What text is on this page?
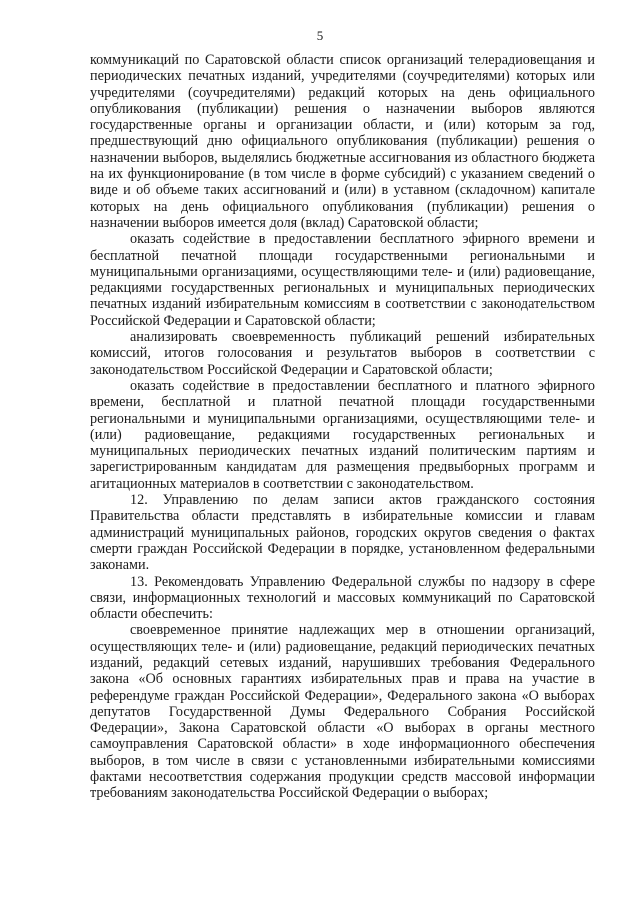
5

коммуникаций по Саратовской области список организаций телерадиовещания и периодических печатных изданий, учредителями (соучредителями) которых или учредителями (соучредителями) редакций которых на день официального опубликования (публикации) решения о назначении выборов являются государственные органы и организации области, и (или) которым за год, предшествующий дню официального опубликования (публикации) решения о назначении выборов, выделялись бюджетные ассигнования из областного бюджета на их функционирование (в том числе в форме субсидий) с указанием сведений о виде и об объеме таких ассигнований и (или) в уставном (складочном) капитале которых на день официального опубликования (публикации) решения о назначении выборов имеется доля (вклад) Саратовской области;

оказать содействие в предоставлении бесплатного эфирного времени и бесплатной печатной площади государственными региональными и муниципальными организациями, осуществляющими теле- и (или) радиовещание, редакциями государственных региональных и муниципальных периодических печатных изданий избирательным комиссиям в соответствии с законодательством Российской Федерации и Саратовской области;

анализировать своевременность публикаций решений избирательных комиссий, итогов голосования и результатов выборов в соответствии с законодательством Российской Федерации и Саратовской области;

оказать содействие в предоставлении бесплатного и платного эфирного времени, бесплатной и платной печатной площади государственными региональными и муниципальными организациями, осуществляющими теле- и (или) радиовещание, редакциями государственных региональных и муниципальных периодических печатных изданий политическим партиям и зарегистрированным кандидатам для размещения предвыборных программ и агитационных материалов в соответствии с законодательством.

12. Управлению по делам записи актов гражданского состояния Правительства области представлять в избирательные комиссии и главам администраций муниципальных районов, городских округов сведения о фактах смерти граждан Российской Федерации в порядке, установленном федеральными законами.

13. Рекомендовать Управлению Федеральной службы по надзору в сфере связи, информационных технологий и массовых коммуникаций по Саратовской области обеспечить:

своевременное принятие надлежащих мер в отношении организаций, осуществляющих теле- и (или) радиовещание, редакций периодических печатных изданий, редакций сетевых изданий, нарушивших требования Федерального закона «Об основных гарантиях избирательных прав и права на участие в референдуме граждан Российской Федерации», Федерального закона «О выборах депутатов Государственной Думы Федерального Собрания Российской Федерации», Закона Саратовской области «О выборах в органы местного самоуправления Саратовской области» в ходе информационного обеспечения выборов, в том числе в связи с установленными избирательными комиссиями фактами несоответствия содержания продукции средств массовой информации требованиям законодательства Российской Федерации о выборах;
